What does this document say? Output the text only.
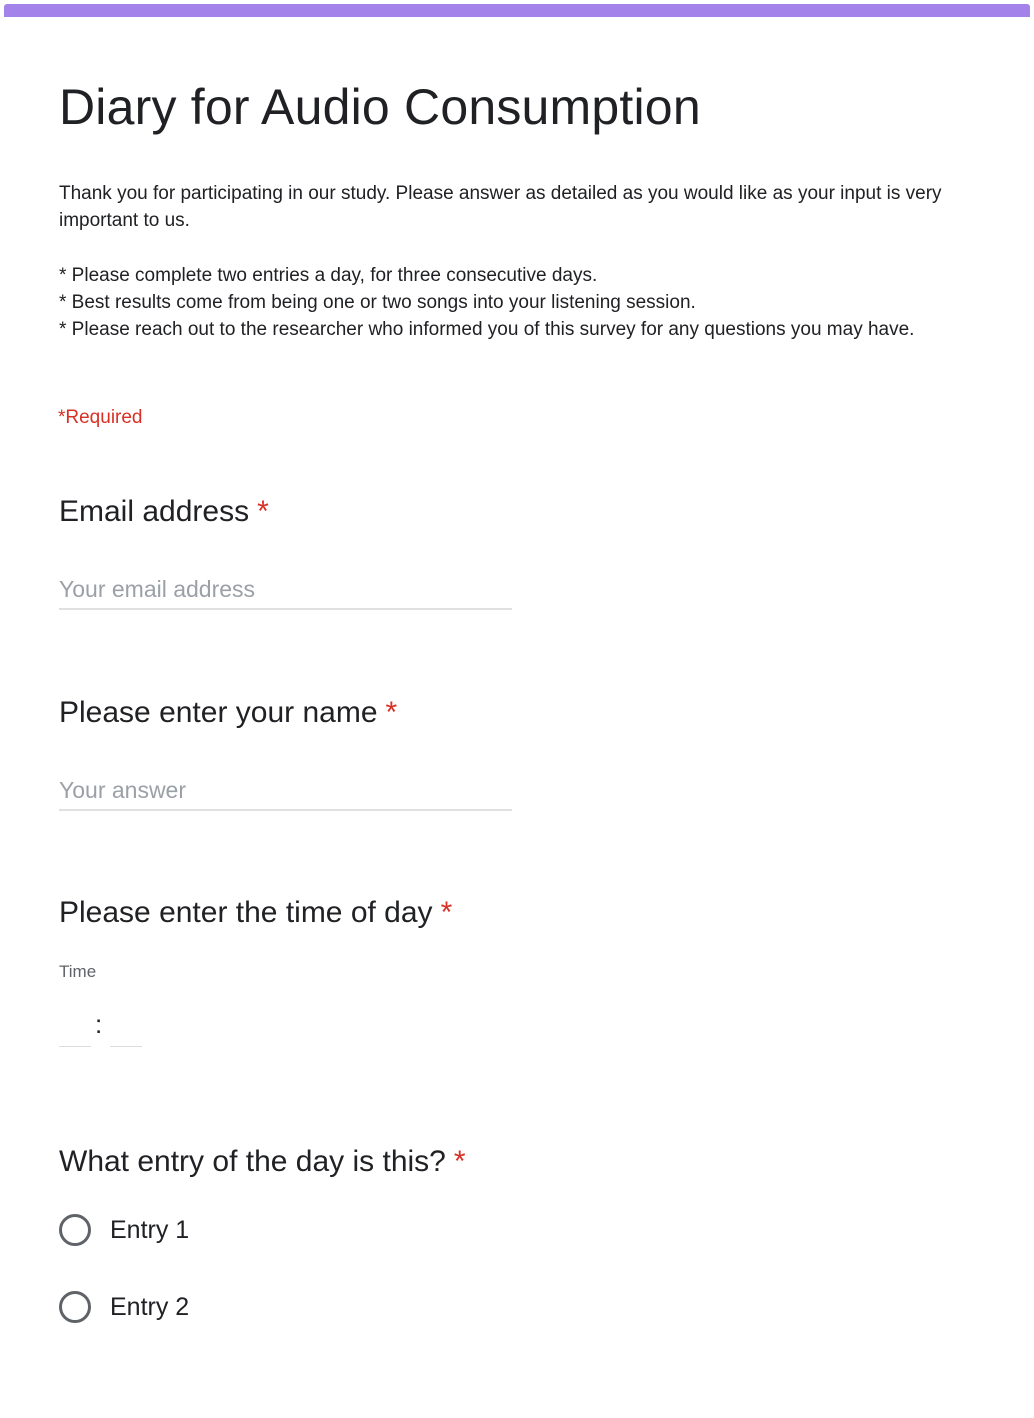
Diary for Audio Consumption

Thank you for participating in our study. Please answer as detailed as you would like as your input is very important to us.

* Please complete two entries a day, for three consecutive days.

* Best results come from being one or two songs into your listening session.

* Please reach out to the researcher who informed you of this survey for any questions you may have.

*Required
Email address *
Your email address
Please enter your name *
Your answer
Please enter the time of day *
Time
:
What entry of the day is this? *
Entry 1
Entry 2
